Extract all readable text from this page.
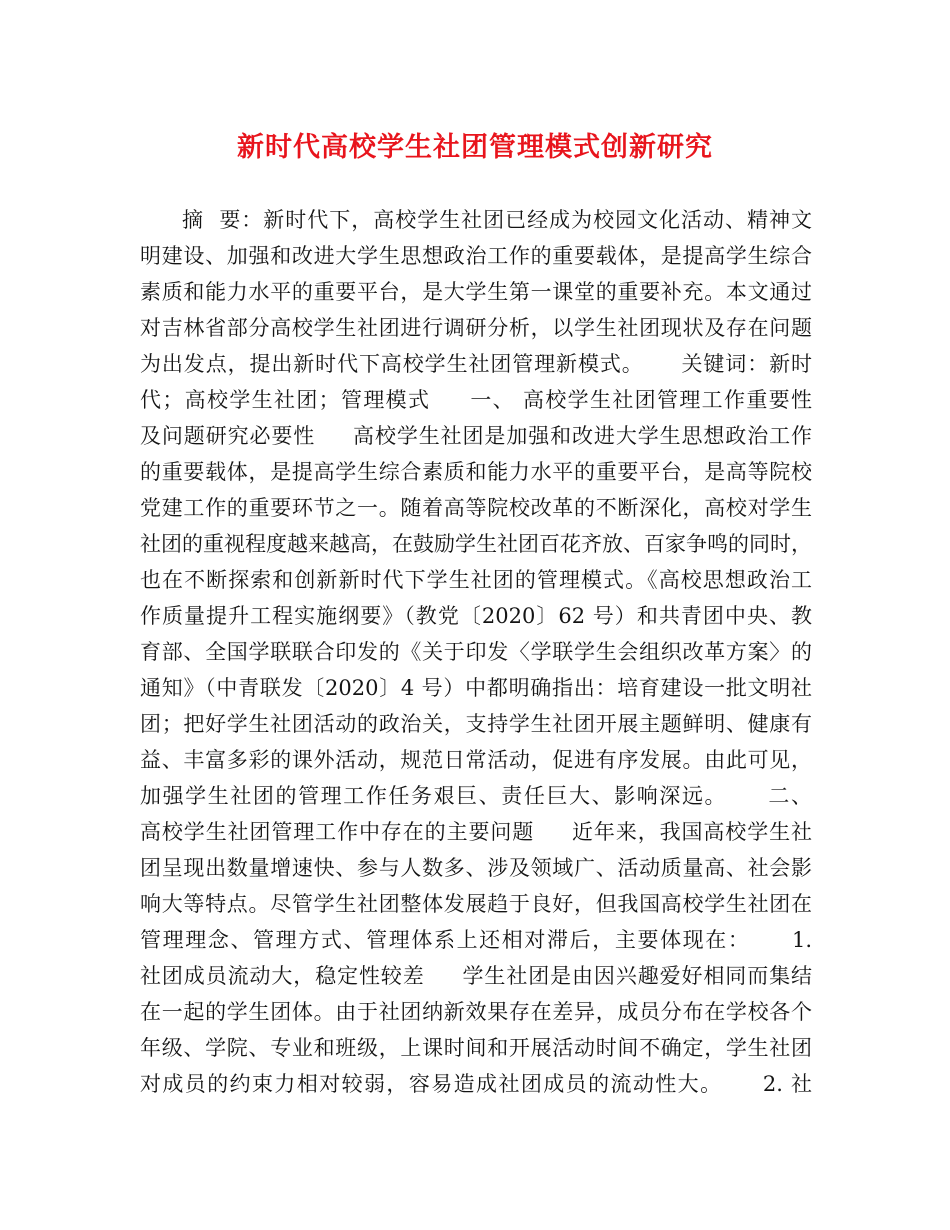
新时代高校学生社团管理模式创新研究
摘  要：新时代下，高校学生社团已经成为校园文化活动、精神文
明建设、加强和改进大学生思想政治工作的重要载体，是提高学生综合
素质和能力水平的重要平台，是大学生第一课堂的重要补充。本文通过
对吉林省部分高校学生社团进行调研分析，以学生社团现状及存在问题
为出发点，提出新时代下高校学生社团管理新模式。     关键词：新时
代；高校学生社团；管理模式     一、 高校学生社团管理工作重要性
及问题研究必要性     高校学生社团是加强和改进大学生思想政治工作
的重要载体，是提高学生综合素质和能力水平的重要平台，是高等院校
党建工作的重要环节之一。随着高等院校改革的不断深化，高校对学生
社团的重视程度越来越高，在鼓励学生社团百花齐放、百家争鸣的同时，
也在不断探索和创新新时代下学生社团的管理模式。《高校思想政治工
作质量提升工程实施纲要》（教党〔2020〕62 号）和共青团中央、教
育部、全国学联联合印发的《关于印发〈学联学生会组织改革方案〉的
通知》（中青联发〔2020〕4 号）中都明确指出：培育建设一批文明社
团；把好学生社团活动的政治关，支持学生社团开展主题鲜明、健康有
益、丰富多彩的课外活动，规范日常活动，促进有序发展。由此可见，
加强学生社团的管理工作任务艰巨、责任巨大、影响深远。     二、
高校学生社团管理工作中存在的主要问题     近年来，我国高校学生社
团呈现出数量增速快、参与人数多、涉及领域广、活动质量高、社会影
响大等特点。尽管学生社团整体发展趋于良好，但我国高校学生社团在
管理理念、管理方式、管理体系上还相对滞后，主要体现在：     1.
社团成员流动大，稳定性较差     学生社团是由因兴趣爱好相同而集结
在一起的学生团体。由于社团纳新效果存在差异，成员分布在学校各个
年级、学院、专业和班级，上课时间和开展活动时间不确定，学生社团
对成员的约束力相对较弱，容易造成社团成员的流动性大。     2. 社
